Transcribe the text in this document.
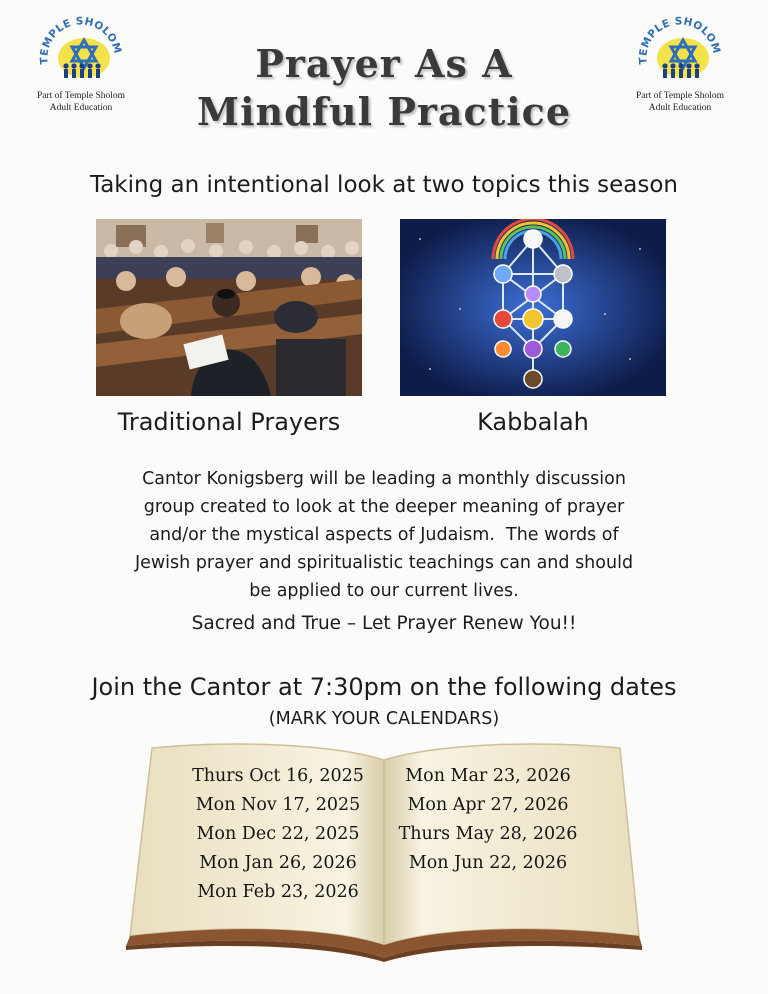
TEMPLE SHOLOM
Part of Temple Sholom
Adult Education
TEMPLE SHOLOM
Part of Temple Sholom
Adult Education
Prayer As A
Mindful Practice
Taking an intentional look at two topics this season
Traditional Prayers	Kabbalah
Cantor Konigsberg will be leading a monthly discussion
group created to look at the deeper meaning of prayer
and/or the mystical aspects of Judaism.  The words of
Jewish prayer and spiritualistic teachings can and should
be applied to our current lives.
Sacred and True – Let Prayer Renew You!!
Join the Cantor at 7:30pm on the following dates
(MARK YOUR CALENDARS)
Thurs Oct 16, 2025
Mon Nov 17, 2025
Mon Dec 22, 2025
Mon Jan 26, 2026
Mon Feb 23, 2026
Mon Mar 23, 2026
Mon Apr 27, 2026
Thurs May 28, 2026
Mon Jun 22, 2026
